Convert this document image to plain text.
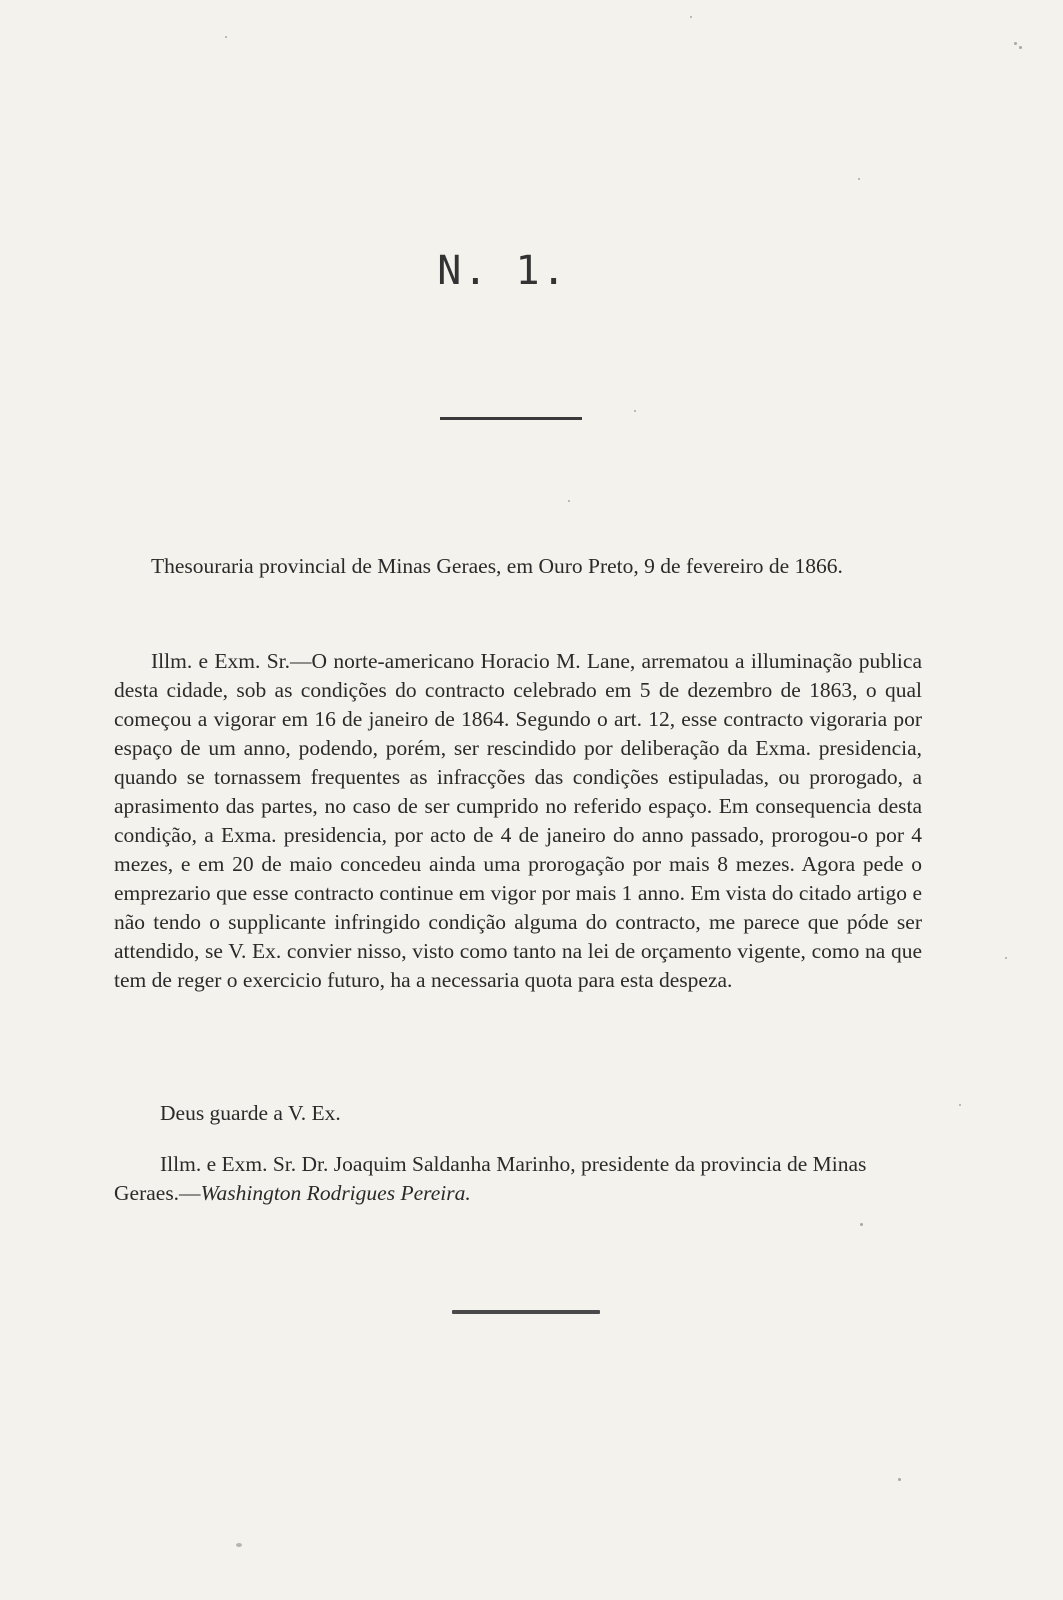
N. 1.

Thesouraria provincial de Minas Geraes, em Ouro Preto, 9 de fevereiro de 1866.

Illm. e Exm. Sr.—O norte-americano Horacio M. Lane, arrematou a illuminação publica desta cidade, sob as condições do contracto celebrado em 5 de dezembro de 1863, o qual começou a vigorar em 16 de janeiro de 1864. Segundo o art. 12, esse contracto vigoraria por espaço de um anno, podendo, porém, ser rescindido por deliberação da Exma. presidencia, quando se tornassem frequentes as infracções das condições estipuladas, ou prorogado, a aprasimento das partes, no caso de ser cumprido no referido espaço. Em consequencia desta condição, a Exma. presidencia, por acto de 4 de janeiro do anno passado, prorogou-o por 4 mezes, e em 20 de maio concedeu ainda uma prorogação por mais 8 mezes. Agora pede o emprezario que esse contracto continue em vigor por mais 1 anno. Em vista do citado artigo e não tendo o supplicante infringido condição alguma do contracto, me parece que póde ser attendido, se V. Ex. convier nisso, visto como tanto na lei de orçamento vigente, como na que tem de reger o exercicio futuro, ha a necessaria quota para esta despeza.

Deus guarde a V. Ex.

Illm. e Exm. Sr. Dr. Joaquim Saldanha Marinho, presidente da provincia de Minas Geraes.—Washington Rodrigues Pereira.
